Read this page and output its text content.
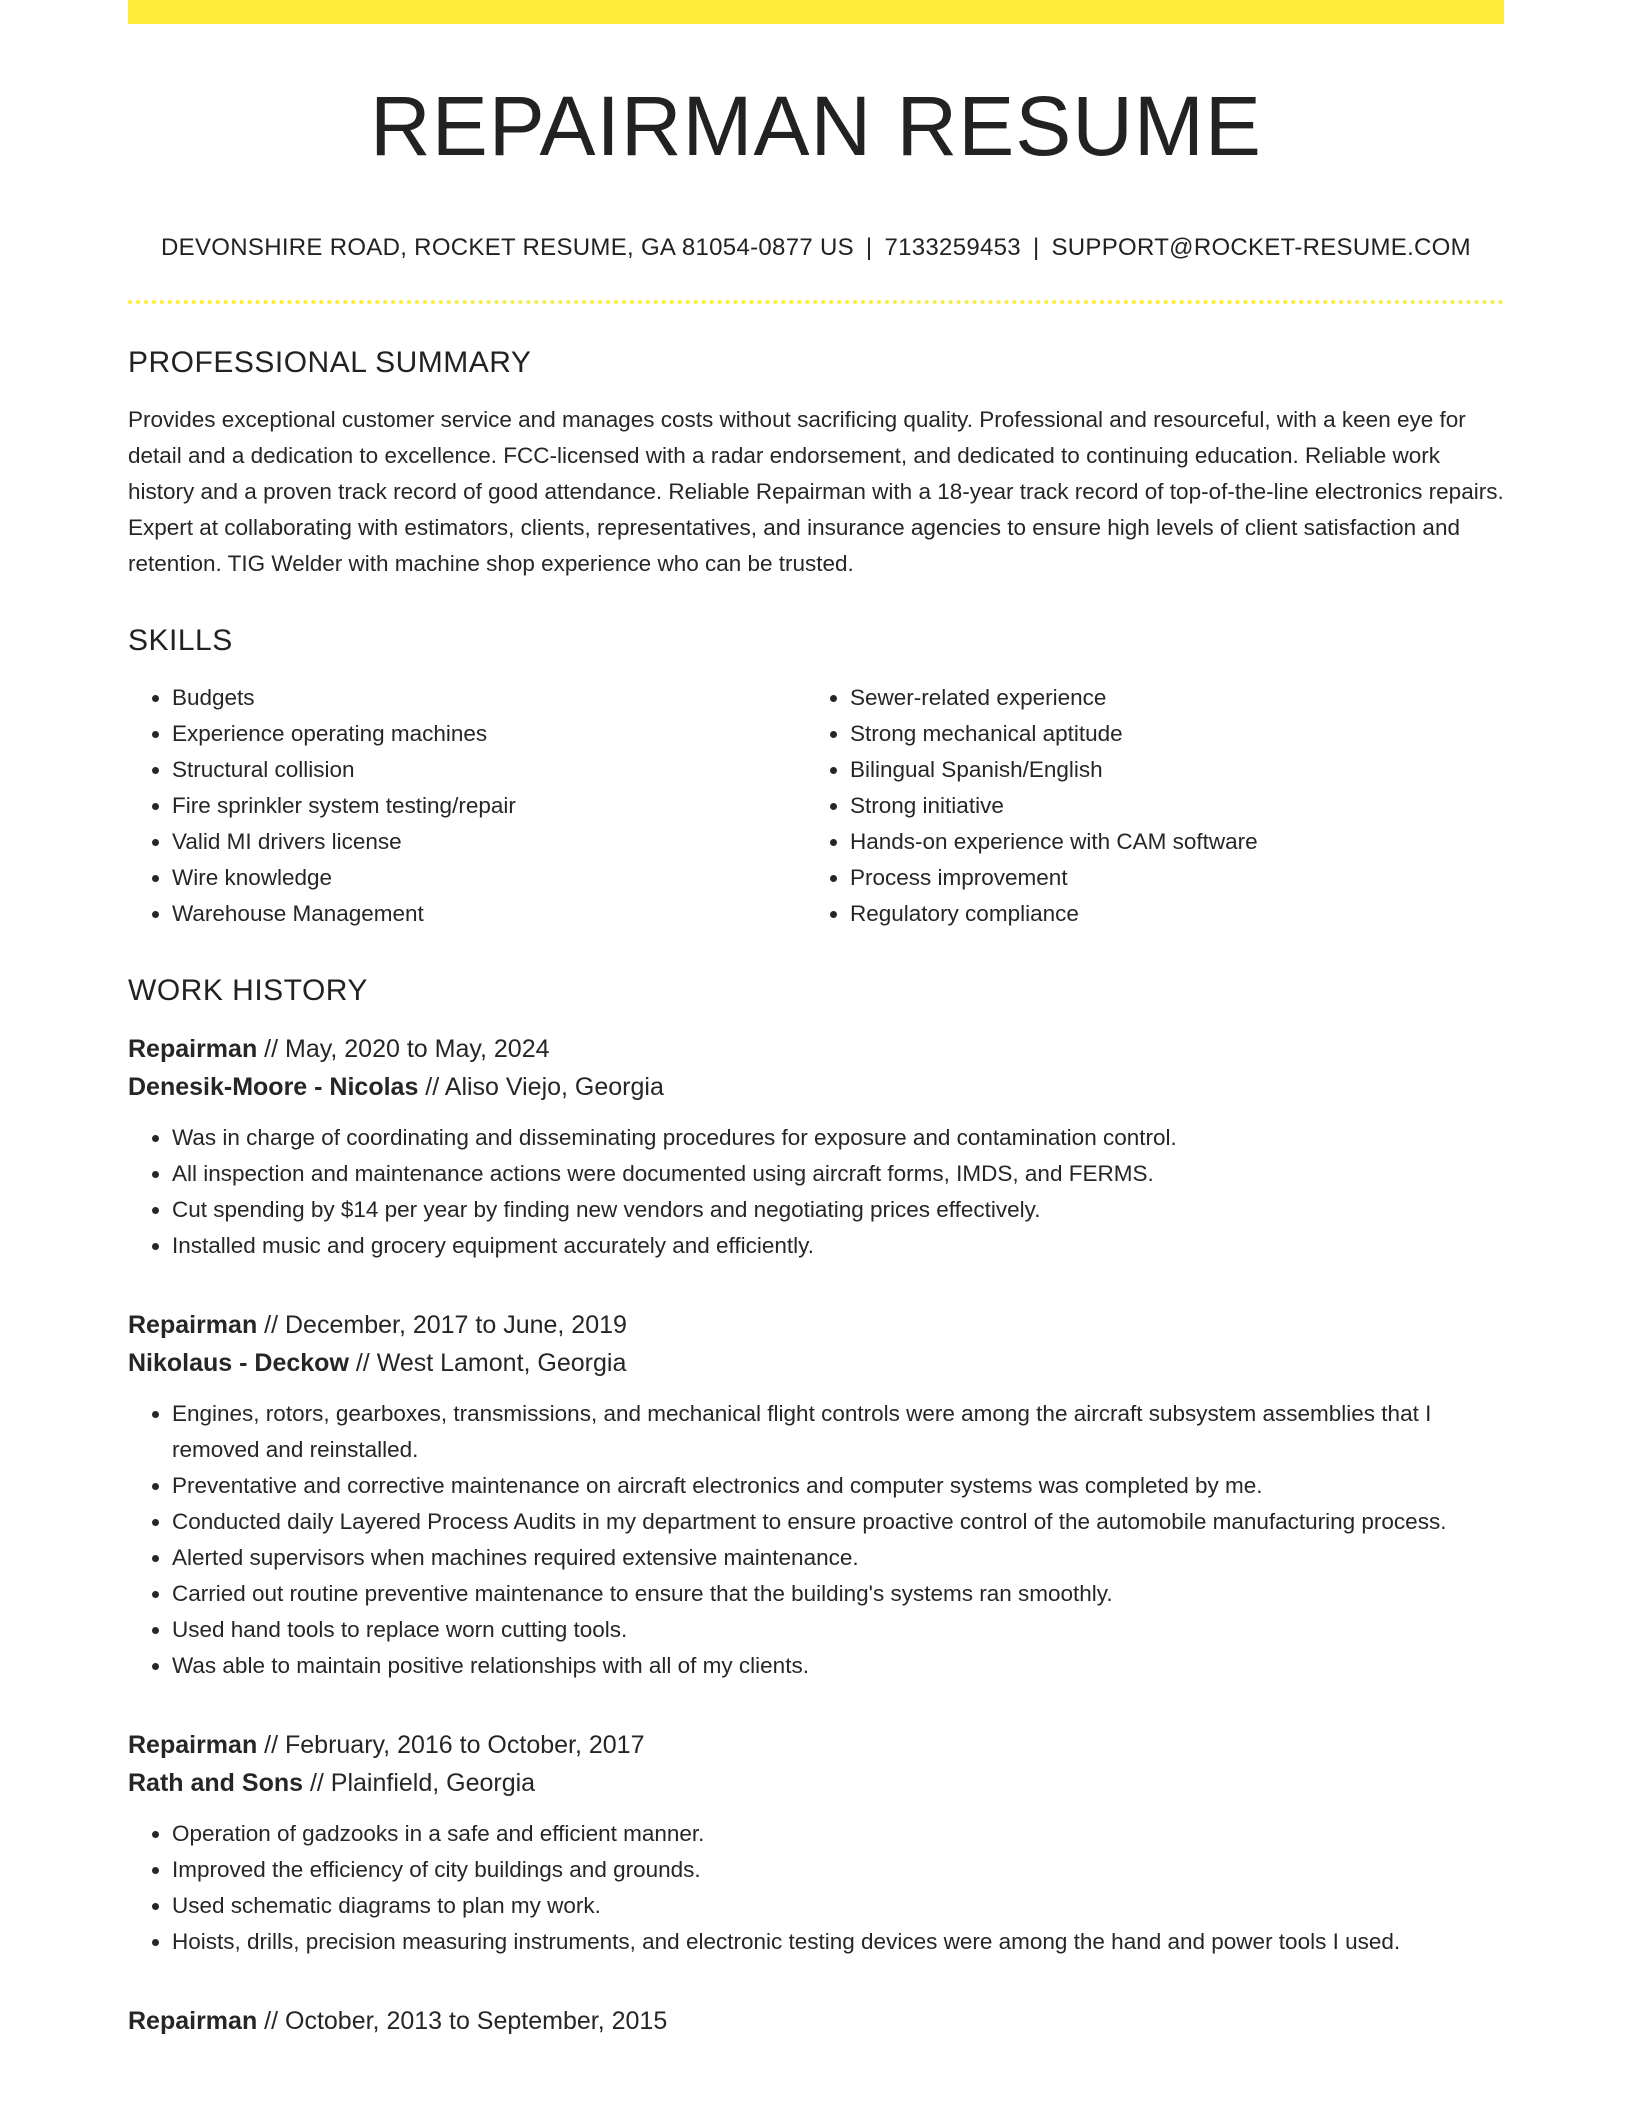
REPAIRMAN RESUME
DEVONSHIRE ROAD, ROCKET RESUME, GA 81054-0877 US | 7133259453 | SUPPORT@ROCKET-RESUME.COM
PROFESSIONAL SUMMARY

Provides exceptional customer service and manages costs without sacrificing quality. Professional and resourceful, with a keen eye for detail and a dedication to excellence. FCC-licensed with a radar endorsement, and dedicated to continuing education. Reliable work history and a proven track record of good attendance. Reliable Repairman with a 18-year track record of top-of-the-line electronics repairs. Expert at collaborating with estimators, clients, representatives, and insurance agencies to ensure high levels of client satisfaction and retention. TIG Welder with machine shop experience who can be trusted.

SKILLS
• Budgets
• Experience operating machines
• Structural collision
• Fire sprinkler system testing/repair
• Valid MI drivers license
• Wire knowledge
• Warehouse Management
• Sewer-related experience
• Strong mechanical aptitude
• Bilingual Spanish/English
• Strong initiative
• Hands-on experience with CAM software
• Process improvement
• Regulatory compliance
WORK HISTORY
Repairman // May, 2020 to May, 2024
Denesik-Moore - Nicolas // Aliso Viejo, Georgia
• Was in charge of coordinating and disseminating procedures for exposure and contamination control.
• All inspection and maintenance actions were documented using aircraft forms, IMDS, and FERMS.
• Cut spending by $14 per year by finding new vendors and negotiating prices effectively.
• Installed music and grocery equipment accurately and efficiently.
Repairman // December, 2017 to June, 2019
Nikolaus - Deckow // West Lamont, Georgia
• Engines, rotors, gearboxes, transmissions, and mechanical flight controls were among the aircraft subsystem assemblies that I removed and reinstalled.
• Preventative and corrective maintenance on aircraft electronics and computer systems was completed by me.
• Conducted daily Layered Process Audits in my department to ensure proactive control of the automobile manufacturing process.
• Alerted supervisors when machines required extensive maintenance.
• Carried out routine preventive maintenance to ensure that the building's systems ran smoothly.
• Used hand tools to replace worn cutting tools.
• Was able to maintain positive relationships with all of my clients.
Repairman // February, 2016 to October, 2017
Rath and Sons // Plainfield, Georgia
• Operation of gadzooks in a safe and efficient manner.
• Improved the efficiency of city buildings and grounds.
• Used schematic diagrams to plan my work.
• Hoists, drills, precision measuring instruments, and electronic testing devices were among the hand and power tools I used.
Repairman // October, 2013 to September, 2015
